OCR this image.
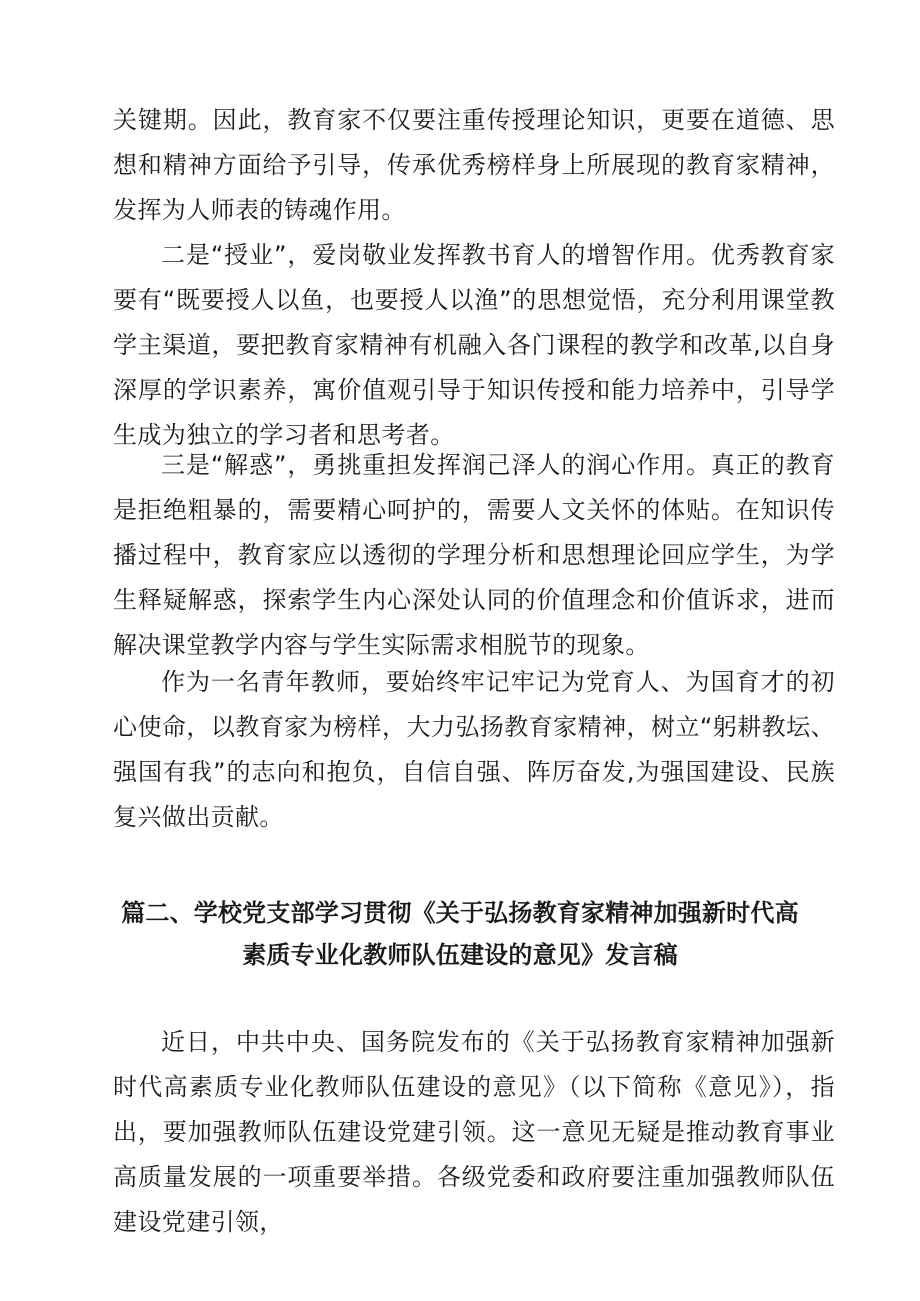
关键期。因此，教育家不仅要注重传授理论知识，更要在道德、思想和精神方面给予引导，传承优秀榜样身上所展现的教育家精神，发挥为人师表的铸魂作用。

二是“授业”，爱岗敬业发挥教书育人的增智作用。优秀教育家要有“既要授人以鱼，也要授人以渔”的思想觉悟，充分利用课堂教学主渠道，要把教育家精神有机融入各门课程的教学和改革,以自身深厚的学识素养，寓价值观引导于知识传授和能力培养中，引导学生成为独立的学习者和思考者。

三是“解惑”，勇挑重担发挥润己泽人的润心作用。真正的教育是拒绝粗暴的，需要精心呵护的，需要人文关怀的体贴。在知识传播过程中，教育家应以透彻的学理分析和思想理论回应学生，为学生释疑解惑，探索学生内心深处认同的价值理念和价值诉求，进而解决课堂教学内容与学生实际需求相脱节的现象。

作为一名青年教师，要始终牢记牢记为党育人、为国育才的初心使命，以教育家为榜样，大力弘扬教育家精神，树立“躬耕教坛、强国有我”的志向和抱负，自信自强、阵厉奋发,为强国建设、民族复兴做出贡献。

篇二、学校党支部学习贯彻《关于弘扬教育家精神加强新时代高
素质专业化教师队伍建设的意见》发言稿

近日，中共中央、国务院发布的《关于弘扬教育家精神加强新时代高素质专业化教师队伍建设的意见》（以下简称《意见》），指出，要加强教师队伍建设党建引领。这一意见无疑是推动教育事业高质量发展的一项重要举措。各级党委和政府要注重加强教师队伍建设党建引领，
